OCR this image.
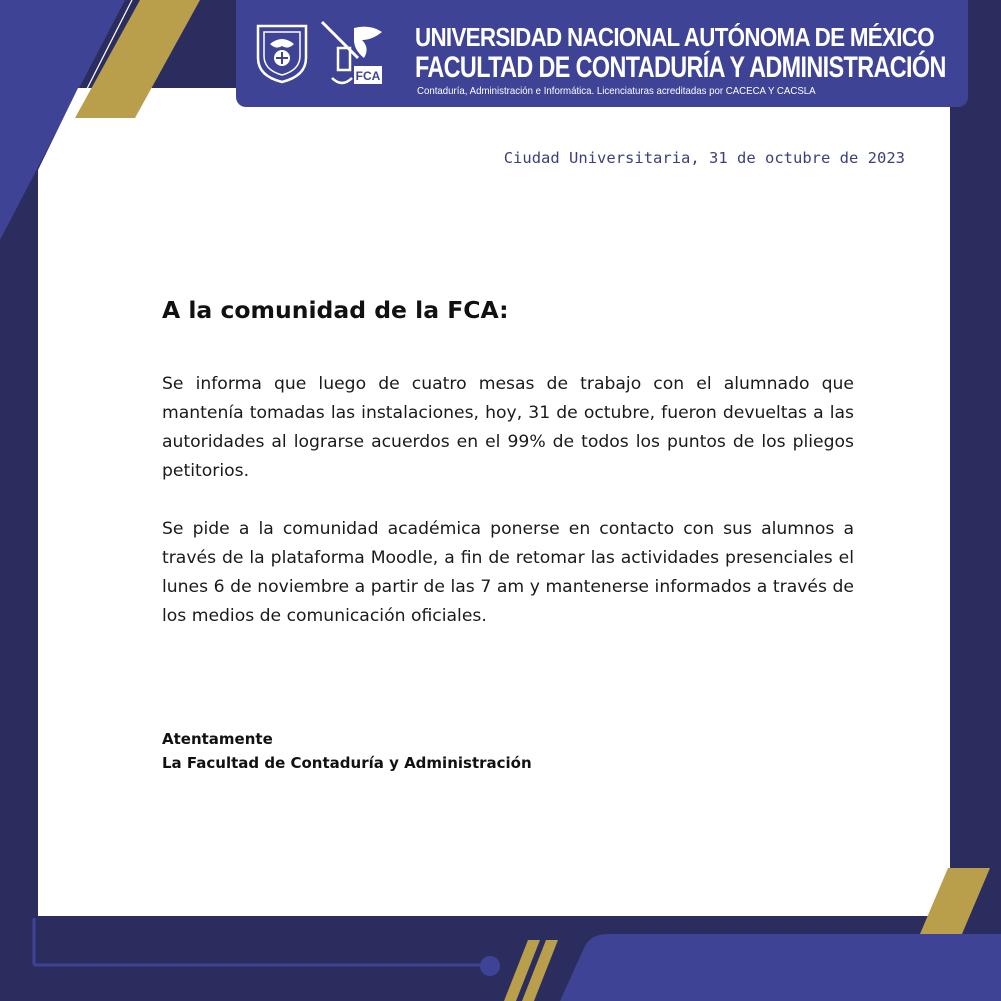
FCA
UNIVERSIDAD NACIONAL AUTÓNOMA DE MÉXICO
FACULTAD DE CONTADURÍA Y ADMINISTRACIÓN

Contaduría, Administración e Informática. Licenciaturas acreditadas por CACECA Y CACSLA

Ciudad Universitaria, 31 de octubre de 2023

A la comunidad de la FCA:

Se informa que luego de cuatro mesas de trabajo con el alumnado que mantenía tomadas las instalaciones, hoy, 31 de octubre, fueron devueltas a las autoridades al lograrse acuerdos en el 99% de todos los puntos de los pliegos petitorios.

Se pide a la comunidad académica ponerse en contacto con sus alumnos a través de la plataforma Moodle, a fin de retomar las actividades presenciales el lunes 6 de noviembre a partir de las 7 am y mantenerse informados a través de los medios de comunicación oficiales.

Atentamente
La Facultad de Contaduría y Administración
